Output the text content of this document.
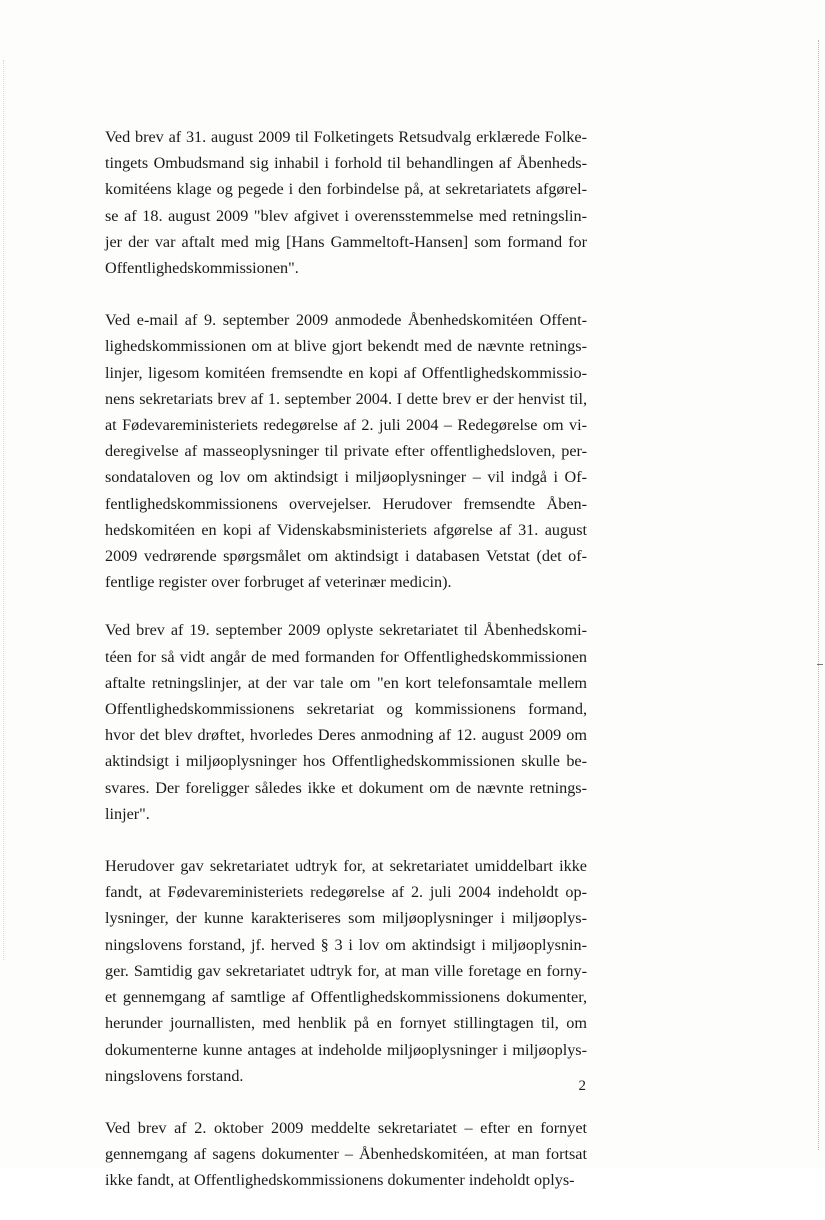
Ved brev af 31. august 2009 til Folketingets Retsudvalg erklærede Folke-
tingets Ombudsmand sig inhabil i forhold til behandlingen af Åbenheds-
komitéens klage og pegede i den forbindelse på, at sekretariatets afgørel-
se af 18. august 2009 "blev afgivet i overensstemmelse med retningslin-
jer der var aftalt med mig [Hans Gammeltoft-Hansen] som formand for
Offentlighedskommissionen".
Ved e-mail af 9. september 2009 anmodede Åbenhedskomitéen Offent-
lighedskommissionen om at blive gjort bekendt med de nævnte retnings-
linjer, ligesom komitéen fremsendte en kopi af Offentlighedskommissio-
nens sekretariats brev af 1. september 2004. I dette brev er der henvist til,
at Fødevareministeriets redegørelse af 2. juli 2004 – Redegørelse om vi-
deregivelse af masseoplysninger til private efter offentlighedsloven, per-
sondataloven og lov om aktindsigt i miljøoplysninger – vil indgå i Of-
fentlighedskommissionens overvejelser. Herudover fremsendte Åben-
hedskomitéen en kopi af Videnskabsministeriets afgørelse af 31. august
2009 vedrørende spørgsmålet om aktindsigt i databasen Vetstat (det of-
fentlige register over forbruget af veterinær medicin).
Ved brev af 19. september 2009 oplyste sekretariatet til Åbenhedskomi-
téen for så vidt angår de med formanden for Offentlighedskommissionen
aftalte retningslinjer, at der var tale om "en kort telefonsamtale mellem
Offentlighedskommissionens sekretariat og kommissionens formand,
hvor det blev drøftet, hvorledes Deres anmodning af 12. august 2009 om
aktindsigt i miljøoplysninger hos Offentlighedskommissionen skulle be-
svares. Der foreligger således ikke et dokument om de nævnte retnings-
linjer".
Herudover gav sekretariatet udtryk for, at sekretariatet umiddelbart ikke
fandt, at Fødevareministeriets redegørelse af 2. juli 2004 indeholdt op-
lysninger, der kunne karakteriseres som miljøoplysninger i miljøoplys-
ningslovens forstand, jf. herved § 3 i lov om aktindsigt i miljøoplysnin-
ger. Samtidig gav sekretariatet udtryk for, at man ville foretage en forny-
et gennemgang af samtlige af Offentlighedskommissionens dokumenter,
herunder journallisten, med henblik på en fornyet stillingtagen til, om
dokumenterne kunne antages at indeholde miljøoplysninger i miljøoplys-
ningslovens forstand.
Ved brev af 2. oktober 2009 meddelte sekretariatet – efter en fornyet
gennemgang af sagens dokumenter – Åbenhedskomitéen, at man fortsat
ikke fandt, at Offentlighedskommissionens dokumenter indeholdt oplys-
2
